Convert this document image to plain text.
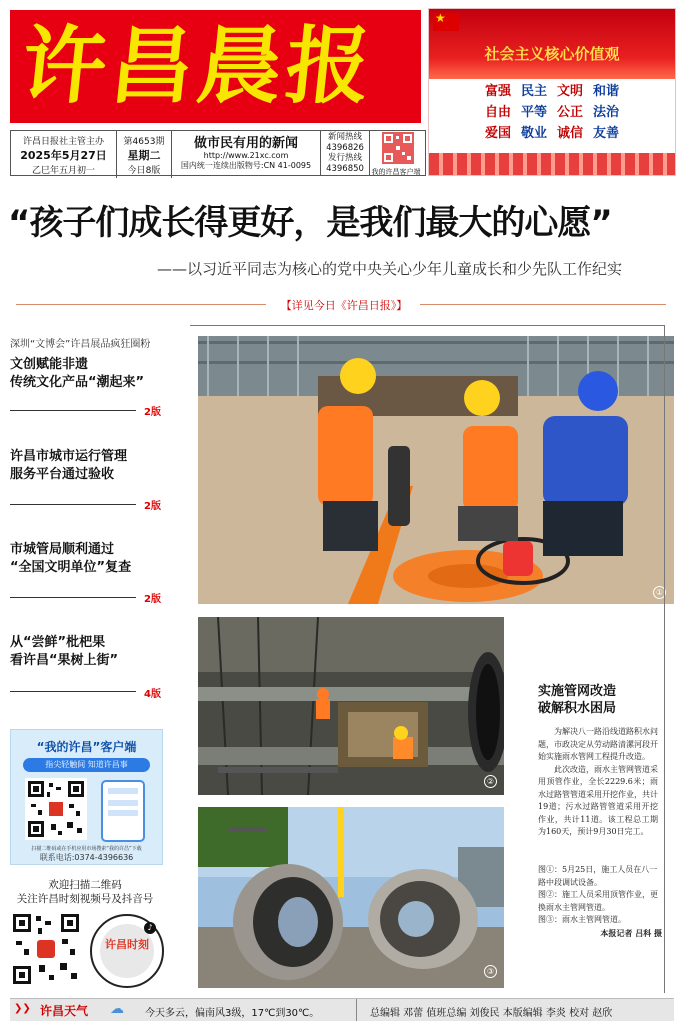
许昌晨报
★	社会主义核心价值观
富强 民主 文明 和谐
自由 平等 公正 法治
爱国 敬业 诚信 友善
许昌日报社主管主办
2025年5月27日
乙巳年五月初一
第4653期
星期二
今日8版
做市民有用的新闻
http://www.21xc.com
国内统一连续出版物号:CN 41-0095
新闻热线
4396826
发行热线
4396850	我的许昌客户端
“孩子们成长得更好，是我们最大的心愿”
——以习近平同志为核心的党中央关心少年儿童成长和少先队工作纪实
【详见今日《许昌日报》】
深圳“文博会”许昌展品疯狂圈粉
文创赋能非遗
传统文化产品“潮起来”
2版
许昌市城市运行管理
服务平台通过验收
2版
市城管局顺利通过
“全国文明单位”复查
2版
从“尝鲜”枇杷果
看许昌“果树上街”
4版
“我的许昌”客户端
指尖轻触间 知道许昌事
扫描二维码或在手机应用市场搜索“我的许昌”下载
联系电话:0374-4396636
欢迎扫描二维码
关注许昌时刻视频号及抖音号
许昌时刻
♪
①
②
③
实施管网改造
破解积水困局

为解决八一路沿线道路积水问题，市政决定从劳动路清漯河段开始实施雨水管网工程提升改造。

此次改造，雨水主管网管道采用顶管作业，全长2229.6米；雨水过路管管道采用开挖作业，共计19道；污水过路管管道采用开挖作业，共计11道。该工程总工期为160天，预计9月30日完工。

图①：5月25日，施工人员在八一路中段调试设备。
图②：施工人员采用顶管作业，更换雨水主管网管道。
图③：雨水主管网管道。
本报记者 吕科 摄
❯❯ 许昌天气 ☁ 今天多云，偏南风3级，17℃到30℃。	总编辑 邓蕾 值班总编 刘俊民 本版编辑 李炎 校对 赵欣
